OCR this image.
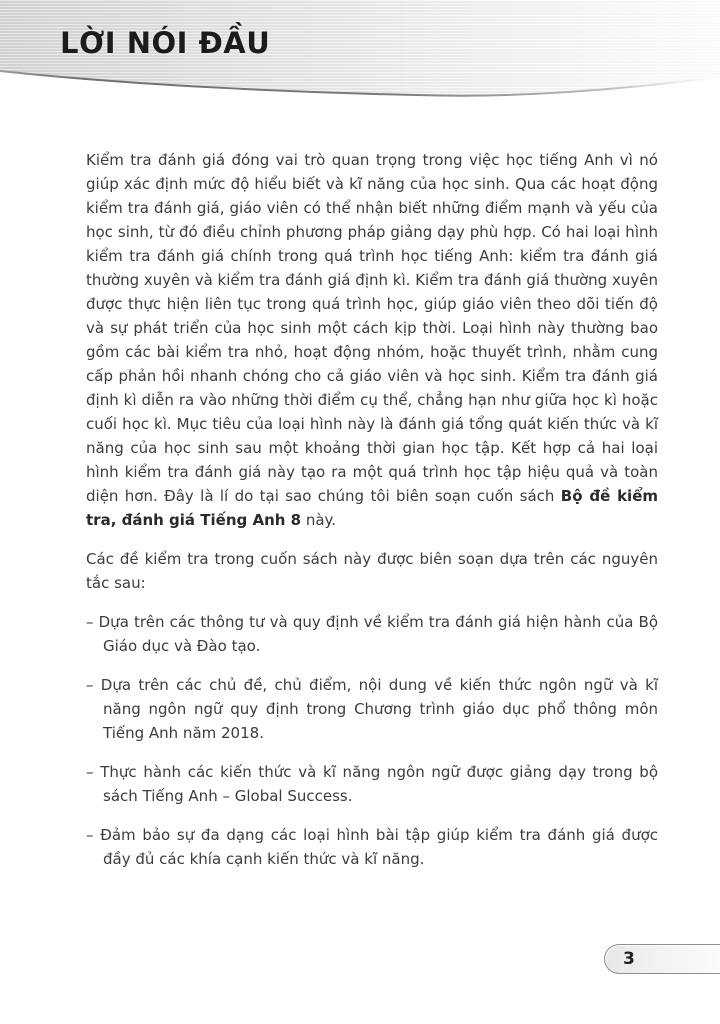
LỜI NÓI ĐẦU

Kiểm tra đánh giá đóng vai trò quan trọng trong việc học tiếng Anh vì nó giúp xác định mức độ hiểu biết và kĩ năng của học sinh. Qua các hoạt động kiểm tra đánh giá, giáo viên có thể nhận biết những điểm mạnh và yếu của học sinh, từ đó điều chỉnh phương pháp giảng dạy phù hợp. Có hai loại hình kiểm tra đánh giá chính trong quá trình học tiếng Anh: kiểm tra đánh giá thường xuyên và kiểm tra đánh giá định kì. Kiểm tra đánh giá thường xuyên được thực hiện liên tục trong quá trình học, giúp giáo viên theo dõi tiến độ và sự phát triển của học sinh một cách kịp thời. Loại hình này thường bao gồm các bài kiểm tra nhỏ, hoạt động nhóm, hoặc thuyết trình, nhằm cung cấp phản hồi nhanh chóng cho cả giáo viên và học sinh. Kiểm tra đánh giá định kì diễn ra vào những thời điểm cụ thể, chẳng hạn như giữa học kì hoặc cuối học kì. Mục tiêu của loại hình này là đánh giá tổng quát kiến thức và kĩ năng của học sinh sau một khoảng thời gian học tập. Kết hợp cả hai loại hình kiểm tra đánh giá này tạo ra một quá trình học tập hiệu quả và toàn diện hơn. Đây là lí do tại sao chúng tôi biên soạn cuốn sách Bộ đề kiểm tra, đánh giá Tiếng Anh 8 này.

Các đề kiểm tra trong cuốn sách này được biên soạn dựa trên các nguyên tắc sau:

– Dựa trên các thông tư và quy định về kiểm tra đánh giá hiện hành của Bộ Giáo dục và Đào tạo.
– Dựa trên các chủ đề, chủ điểm, nội dung về kiến thức ngôn ngữ và kĩ năng ngôn ngữ quy định trong Chương trình giáo dục phổ thông môn Tiếng Anh năm 2018.
– Thực hành các kiến thức và kĩ năng ngôn ngữ được giảng dạy trong bộ sách Tiếng Anh – Global Success.
– Đảm bảo sự đa dạng các loại hình bài tập giúp kiểm tra đánh giá được đầy đủ các khía cạnh kiến thức và kĩ năng.
3
